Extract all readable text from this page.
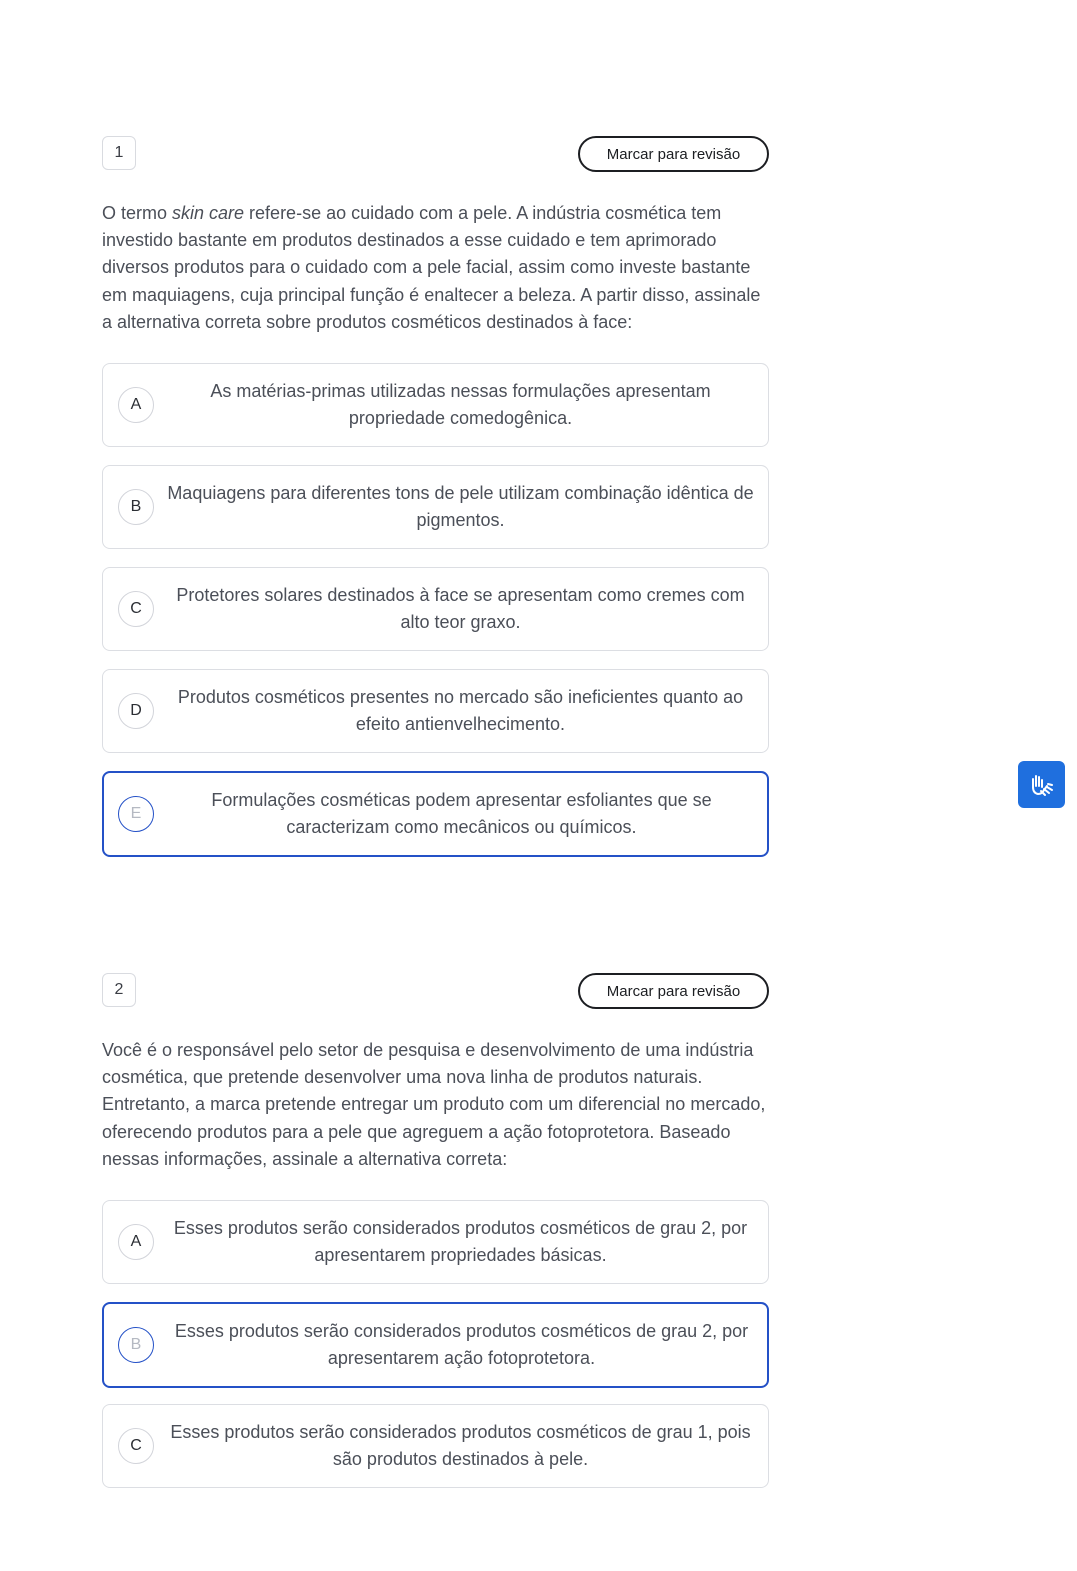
1	Marcar para revisão

O termo skin care refere-se ao cuidado com a pele. A indústria cosmética tem investido bastante em produtos destinados a esse cuidado e tem aprimorado diversos produtos para o cuidado com a pele facial, assim como investe bastante em maquiagens, cuja principal função é enaltecer a beleza. A partir disso, assinale a alternativa correta sobre produtos cosméticos destinados à face:

A
As matérias-primas utilizadas nessas formulações apresentam propriedade comedogênica.
B
Maquiagens para diferentes tons de pele utilizam combinação idêntica de pigmentos.
C
Protetores solares destinados à face se apresentam como cremes com alto teor graxo.
D
Produtos cosméticos presentes no mercado são ineficientes quanto ao efeito antienvelhecimento.
E
Formulações cosméticas podem apresentar esfoliantes que se caracterizam como mecânicos ou químicos.
2	Marcar para revisão

Você é o responsável pelo setor de pesquisa e desenvolvimento de uma indústria cosmética, que pretende desenvolver uma nova linha de produtos naturais. Entretanto, a marca pretende entregar um produto com um diferencial no mercado, oferecendo produtos para a pele que agreguem a ação fotoprotetora. Baseado nessas informações, assinale a alternativa correta:

A
Esses produtos serão considerados produtos cosméticos de grau 2, por apresentarem propriedades básicas.
B
Esses produtos serão considerados produtos cosméticos de grau 2, por apresentarem ação fotoprotetora.
C
Esses produtos serão considerados produtos cosméticos de grau 1, pois são produtos destinados à pele.
